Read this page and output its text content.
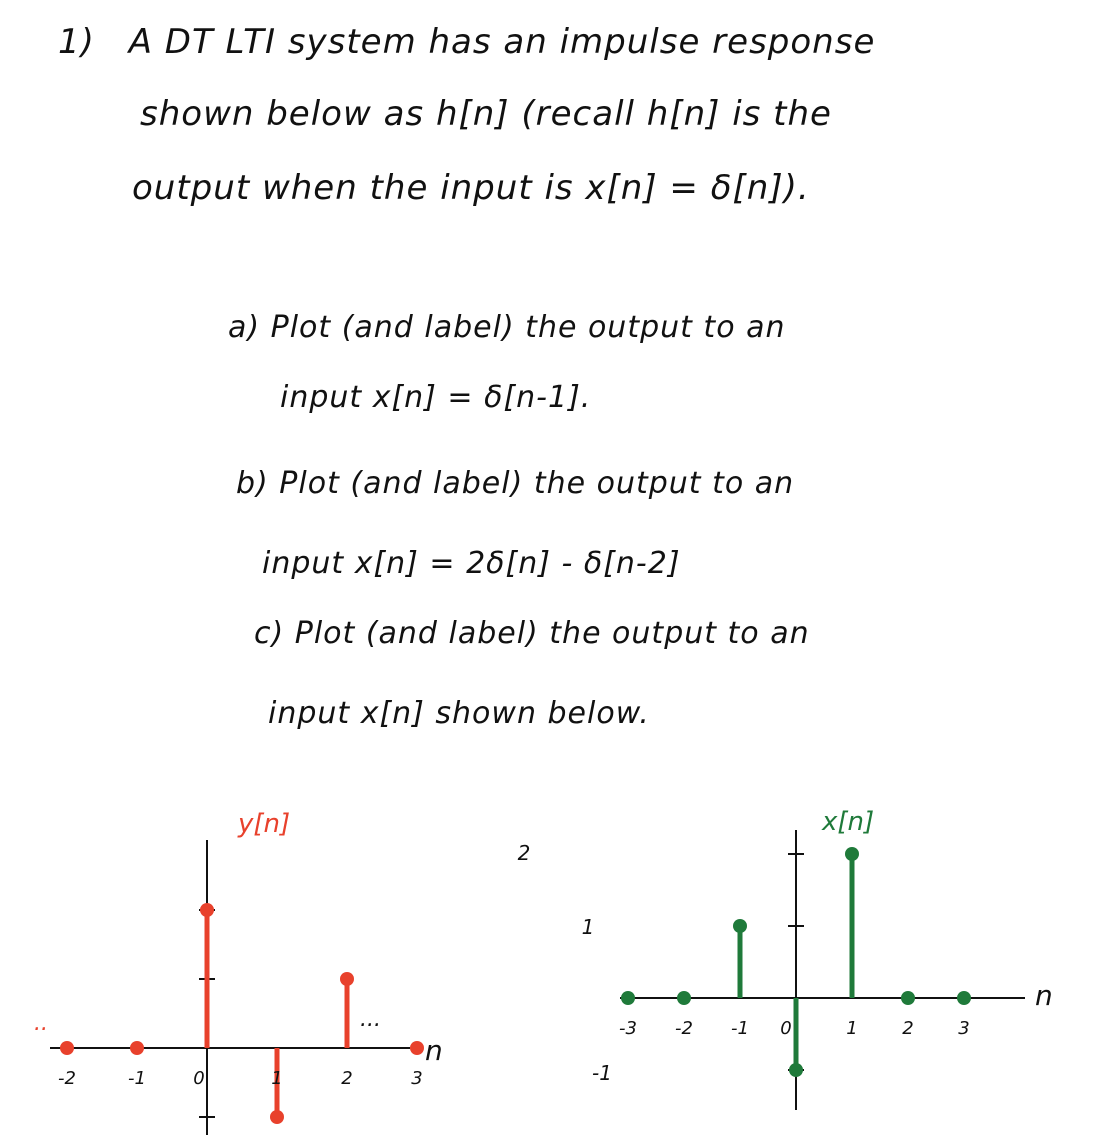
1) A DT LTI system has an impulse response
shown below as h[n] (recall h[n] is the
output when the input is x[n] = δ[n]).
a) Plot (and label) the output to an
input x[n] = δ[n-1].
b) Plot (and label) the output to an
input x[n] = 2δ[n] - δ[n-2]
c) Plot (and label) the output to an
input x[n] shown below.
-2	-1	0	1	2	3
y[n]
n
..	...	-3 -2 -1 0	1 2 3
2
1
-1
x[n]
n
